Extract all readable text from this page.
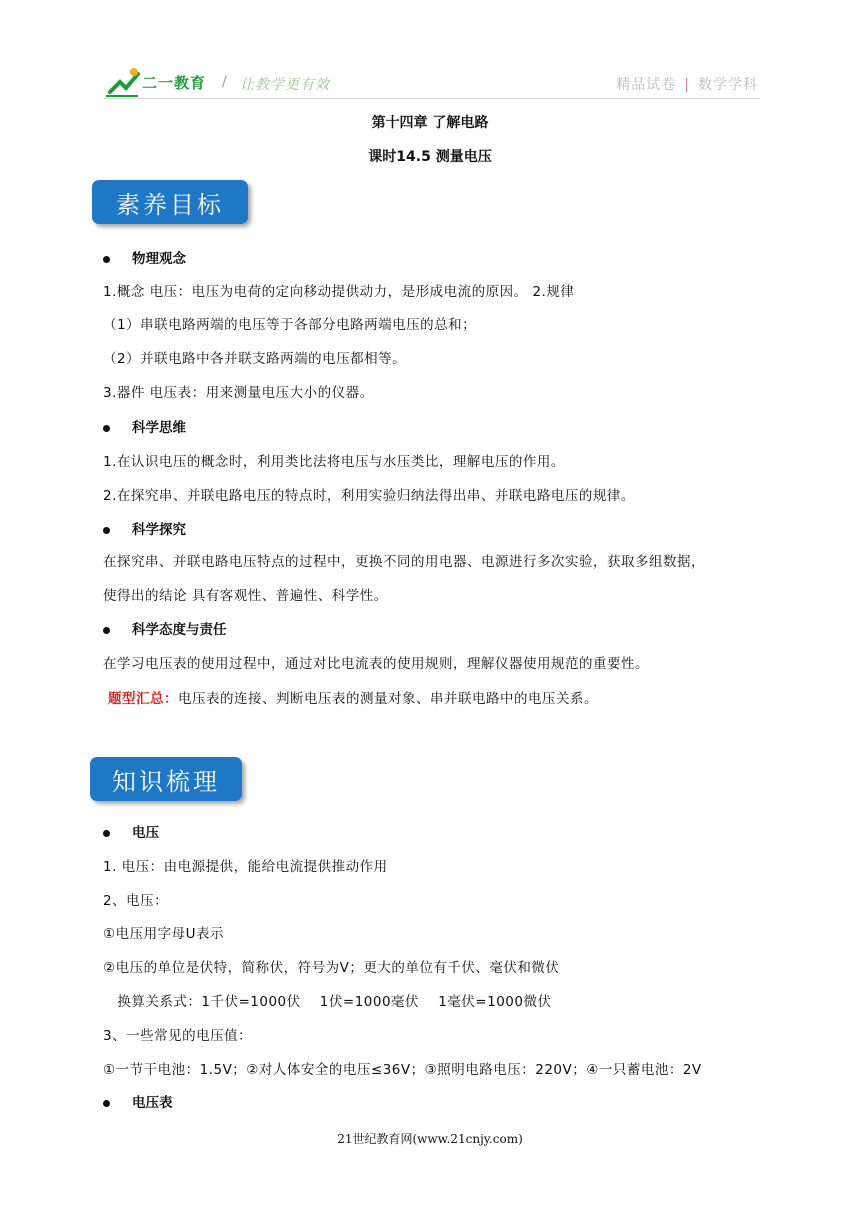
二一教育 / 让教学更有效	精品试卷 | 数学学科
第十四章 了解电路
课时14.5 测量电压
素养目标
物理观念
1.概念 电压：电压为电荷的定向移动提供动力，是形成电流的原因。 2.规律
（1）串联电路两端的电压等于各部分电路两端电压的总和；
（2）并联电路中各并联支路两端的电压都相等。
3.器件 电压表：用来测量电压大小的仪器。
科学思维
1.在认识电压的概念时，利用类比法将电压与水压类比，理解电压的作用。
2.在探究串、并联电路电压的特点时，利用实验归纳法得出串、并联电路电压的规律。
科学探究
在探究串、并联电路电压特点的过程中，更换不同的用电器、电源进行多次实验，获取多组数据，
使得出的结论 具有客观性、普遍性、科学性。
科学态度与责任
在学习电压表的使用过程中，通过对比电流表的使用规则，理解仪器使用规范的重要性。
题型汇总：电压表的连接、判断电压表的测量对象、串并联电路中的电压关系。
知识梳理
电压
1. 电压：由电源提供，能给电流提供推动作用
2、电压：
①电压用字母U表示
②电压的单位是伏特，简称伏，符号为V；更大的单位有千伏、毫伏和微伏
换算关系式：1千伏=1000伏    1伏=1000毫伏    1毫伏=1000微伏
3、一些常见的电压值：
①一节干电池：1.5V；②对人体安全的电压≤36V；③照明电路电压：220V；④一只蓄电池：2V
电压表
21世纪教育网(www.21cnjy.com)
